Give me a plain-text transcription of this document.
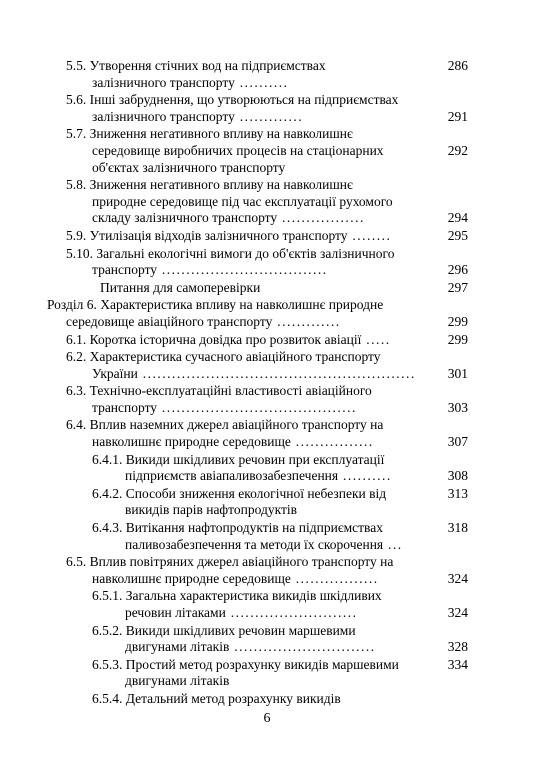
5.5. Утворення стічних вод на підприємствах	286
залізничного транспорту ..........
5.6. Інші забруднення, що утворюються на підприємствах
залізничного транспорту .............	291
5.7. Зниження негативного впливу на навколишнє
середовище виробничих процесів на стаціонарних	292
об'єктах залізничного транспорту
5.8. Зниження негативного впливу на навколишнє
природне середовище під час експлуатації рухомого
складу залізничного транспорту .................	294
5.9. Утилізація відходів залізничного транспорту ........	295
5.10. Загальні екологічні вимоги до об'єктів залізничного
транспорту ..................................	296
Питання для самоперевірки	297
Розділ 6. Характеристика впливу на навколишнє природне
середовище авіаційного транспорту .............	299
6.1. Коротка історична довідка про розвиток авіації .....	299
6.2. Характеристика сучасного авіаційного транспорту
України ........................................................ 301
6.3. Технічно-експлуатаційні властивості авіаційного
транспорту ........................................	303
6.4. Вплив наземних джерел авіаційного транспорту на
навколишнє природне середовище ................	307
6.4.1. Викиди шкідливих речовин при експлуатації
підприємств авіапаливозабезпечення ..........	308
6.4.2. Способи зниження екологічної небезпеки від	313
викидів парів нафтопродуктів
6.4.3. Витікання нафтопродуктів на підприємствах	318
паливозабезпечення та методи їх скорочення ...
6.5. Вплив повітряних джерел авіаційного транспорту на
навколишнє природне середовище .................	324
6.5.1. Загальна характеристика викидів шкідливих
речовин літаками ..........................	324
6.5.2. Викиди шкідливих речовин маршевими
двигунами літаків .............................	328
6.5.3. Простий метод розрахунку викидів маршевими	334
двигунами літаків
6.5.4. Детальний метод розрахунку викидів
6
